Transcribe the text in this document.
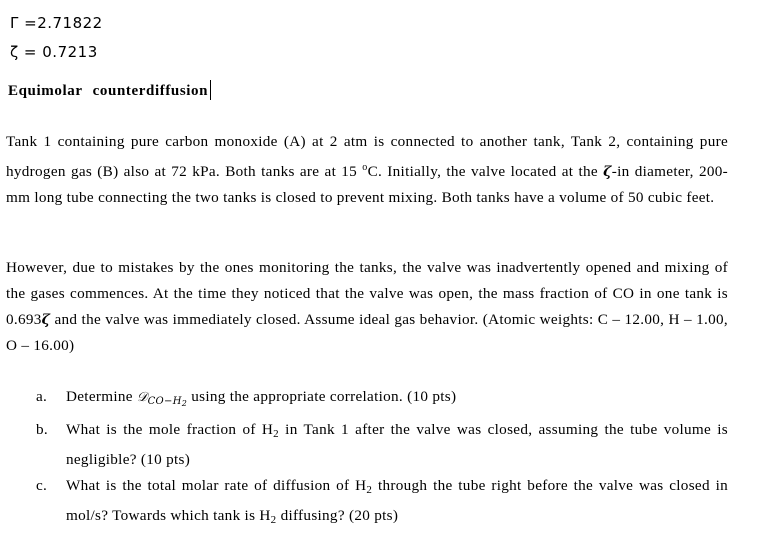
Γ =2.71822
ζ = 0.7213
Equimolar counterdiffusion
Tank 1 containing pure carbon monoxide (A) at 2 atm is connected to another tank, Tank 2, containing pure hydrogen gas (B) also at 72 kPa. Both tanks are at 15 $^o$C. Initially, the valve located at the ζ-in diameter, 200-mm long tube connecting the two tanks is closed to prevent mixing. Both tanks have a volume of 50 cubic feet.
However, due to mistakes by the ones monitoring the tanks, the valve was inadvertently opened and mixing of the gases commences. At the time they noticed that the valve was open, the mass fraction of CO in one tank is 0.693ζ and the valve was immediately closed. Assume ideal gas behavior. (Atomic weights: C – 12.00, H – 1.00, O – 16.00)
a. Determine $𝒟CO-H_2$ using the appropriate correlation. (10 pts)
b. What is the mole fraction of $H_2$ in Tank 1 after the valve was closed, assuming the tube volume is negligible? (10 pts)
c. What is the total molar rate of diffusion of $H_2$ through the tube right before the valve was closed in mol/s? Towards which tank is $H_2$ diffusing? (20 pts)
